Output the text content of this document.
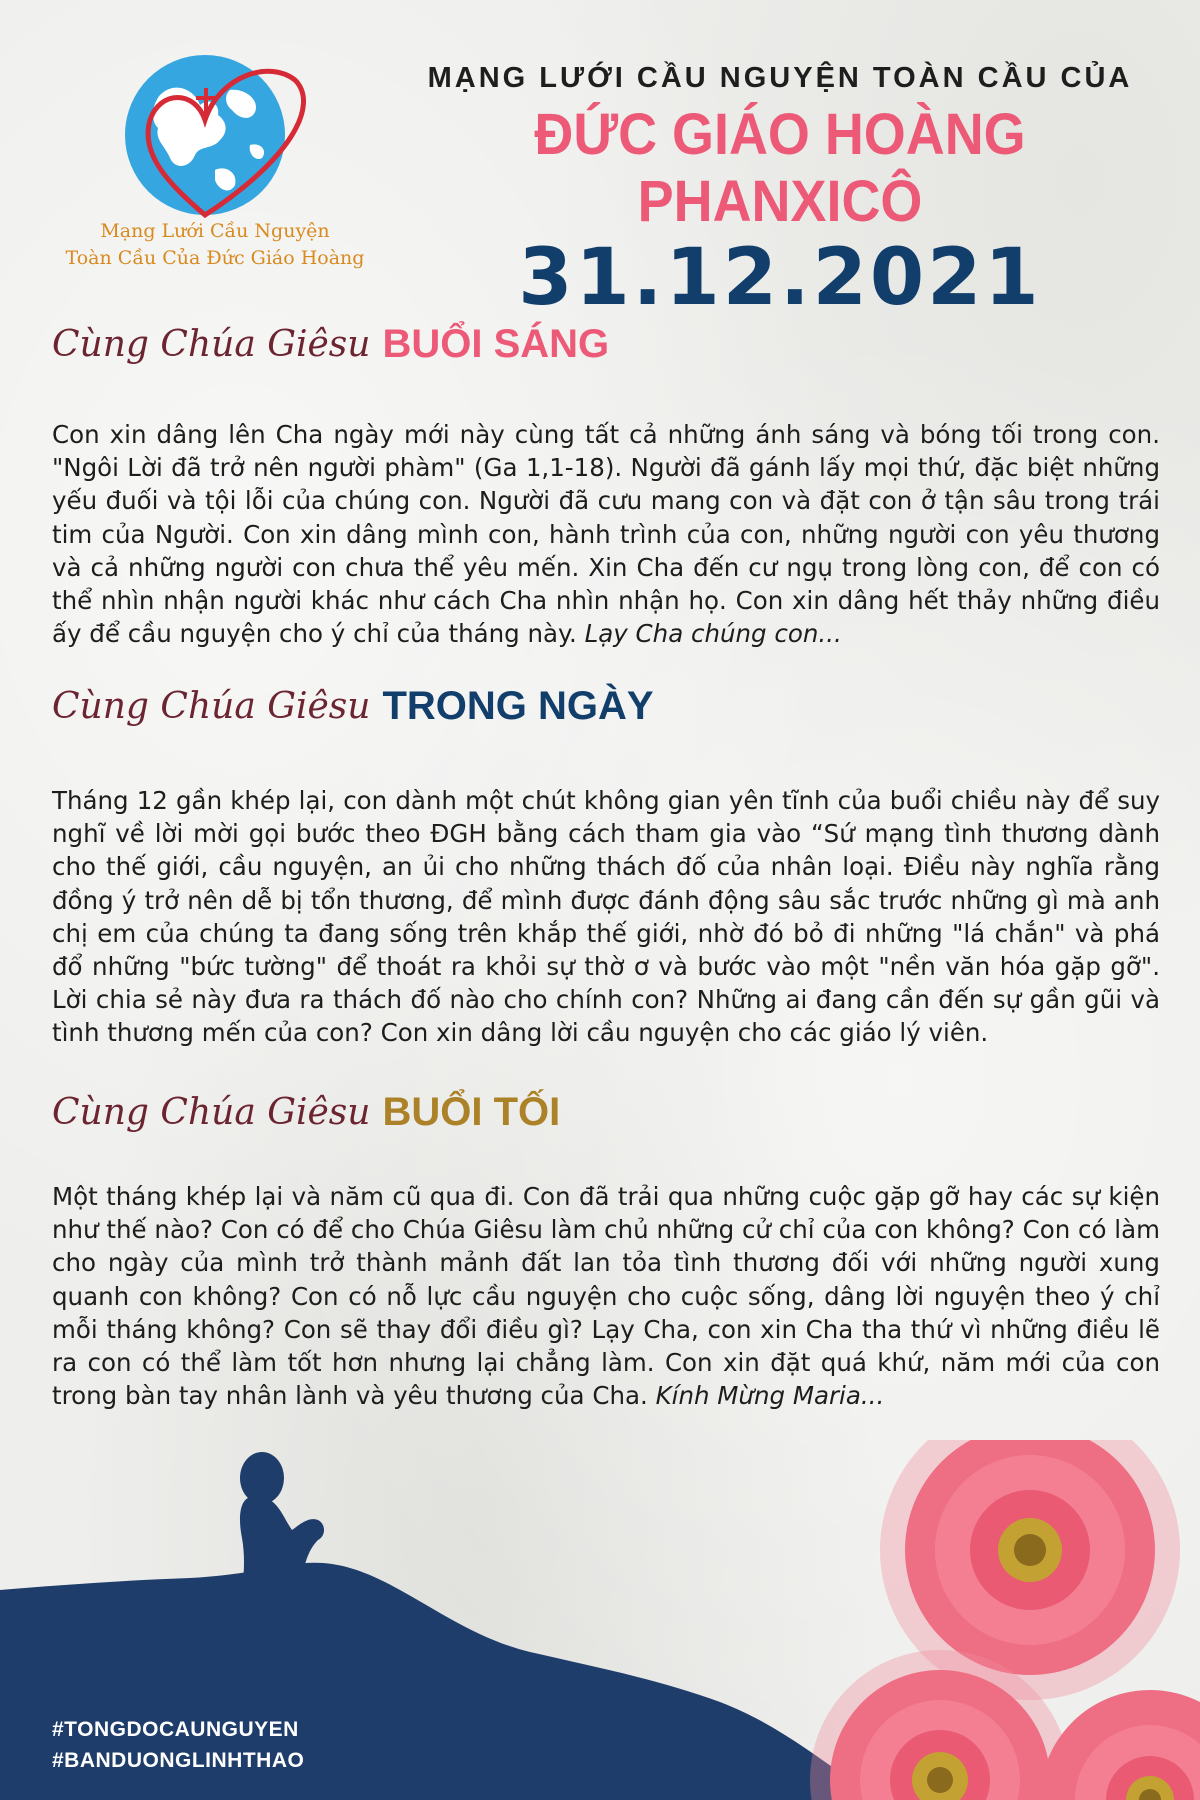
Mạng Lưới Cầu Nguyện
Toàn Cầu Của Đức Giáo Hoàng
MẠNG LƯỚI CẦU NGUYỆN TOÀN CẦU CỦA
ĐỨC GIÁO HOÀNG PHANXICÔ
31.12.2021
Cùng Chúa Giêsu BUỔI SÁNG
Con xin dâng lên Cha ngày mới này cùng tất cả những ánh sáng và bóng tối trong con. "Ngôi Lời đã trở nên người phàm" (Ga 1,1-18). Người đã gánh lấy mọi thứ, đặc biệt những yếu đuối và tội lỗi của chúng con. Người đã cưu mang con và đặt con ở tận sâu trong trái tim của Người. Con xin dâng mình con, hành trình của con, những người con yêu thương và cả những người con chưa thể yêu mến. Xin Cha đến cư ngụ trong lòng con, để con có thể nhìn nhận người khác như cách Cha nhìn nhận họ. Con xin dâng hết thảy những điều ấy để cầu nguyện cho ý chỉ của tháng này. Lạy Cha chúng con...
Cùng Chúa Giêsu TRONG NGÀY
Tháng 12 gần khép lại, con dành một chút không gian yên tĩnh của buổi chiều này để suy nghĩ về lời mời gọi bước theo ĐGH bằng cách tham gia vào “Sứ mạng tình thương dành cho thế giới, cầu nguyện, an ủi cho những thách đố của nhân loại. Điều này nghĩa rằng đồng ý trở nên dễ bị tổn thương, để mình được đánh động sâu sắc trước những gì mà anh chị em của chúng ta đang sống trên khắp thế giới, nhờ đó bỏ đi những "lá chắn" và phá đổ những "bức tường" để thoát ra khỏi sự thờ ơ và bước vào một "nền văn hóa gặp gỡ". Lời chia sẻ này đưa ra thách đố nào cho chính con? Những ai đang cần đến sự gần gũi và tình thương mến của con? Con xin dâng lời cầu nguyện cho các giáo lý viên.
Cùng Chúa Giêsu BUỔI TỐI
Một tháng khép lại và năm cũ qua đi. Con đã trải qua những cuộc gặp gỡ hay các sự kiện như thế nào? Con có để cho Chúa Giêsu làm chủ những cử chỉ của con không? Con có làm cho ngày của mình trở thành mảnh đất lan tỏa tình thương đối với những người xung quanh con không? Con có nỗ lực cầu nguyện cho cuộc sống, dâng lời nguyện theo ý chỉ mỗi tháng không? Con sẽ thay đổi điều gì? Lạy Cha, con xin Cha tha thứ vì những điều lẽ ra con có thể làm tốt hơn nhưng lại chẳng làm. Con xin đặt quá khứ, năm mới của con trong bàn tay nhân lành và yêu thương của Cha. Kính Mừng Maria...
#TONGDOCAUNGUYEN
#BANDUONGLINHTHAO
